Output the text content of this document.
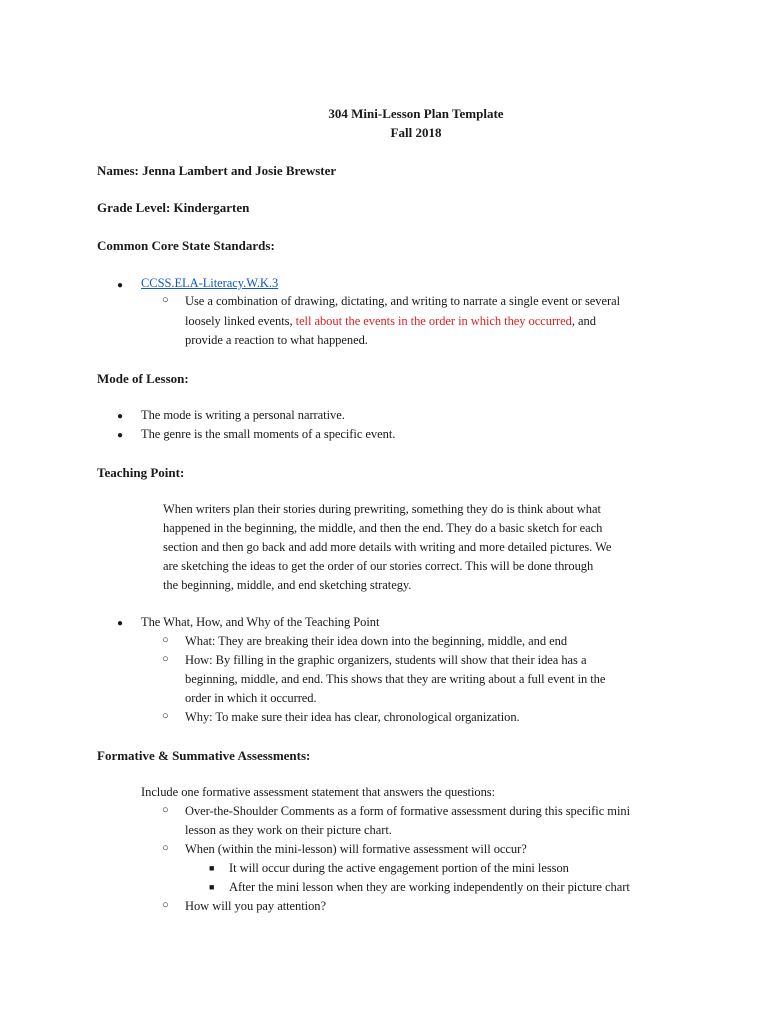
304 Mini-Lesson Plan Template
Fall 2018
Names: Jenna Lambert and Josie Brewster
Grade Level: Kindergarten
Common Core State Standards:
● CCSS.ELA-Literacy.W.K.3
○ Use a combination of drawing, dictating, and writing to narrate a single event or several
loosely linked events, tell about the events in the order in which they occurred, and
provide a reaction to what happened.
Mode of Lesson:
● The mode is writing a personal narrative.
● The genre is the small moments of a specific event.
Teaching Point:
When writers plan their stories during prewriting, something they do is think about what
happened in the beginning, the middle, and then the end. They do a basic sketch for each
section and then go back and add more details with writing and more detailed pictures. We
are sketching the ideas to get the order of our stories correct. This will be done through
the beginning, middle, and end sketching strategy.
● The What, How, and Why of the Teaching Point
○ What: They are breaking their idea down into the beginning, middle, and end
○ How: By filling in the graphic organizers, students will show that their idea has a
beginning, middle, and end. This shows that they are writing about a full event in the
order in which it occurred.
○ Why: To make sure their idea has clear, chronological organization.
Formative & Summative Assessments:
Include one formative assessment statement that answers the questions:
○ Over-the-Shoulder Comments as a form of formative assessment during this specific mini
lesson as they work on their picture chart.
○ When (within the mini-lesson) will formative assessment will occur?
■ It will occur during the active engagement portion of the mini lesson
■ After the mini lesson when they are working independently on their picture chart
○ How will you pay attention?
